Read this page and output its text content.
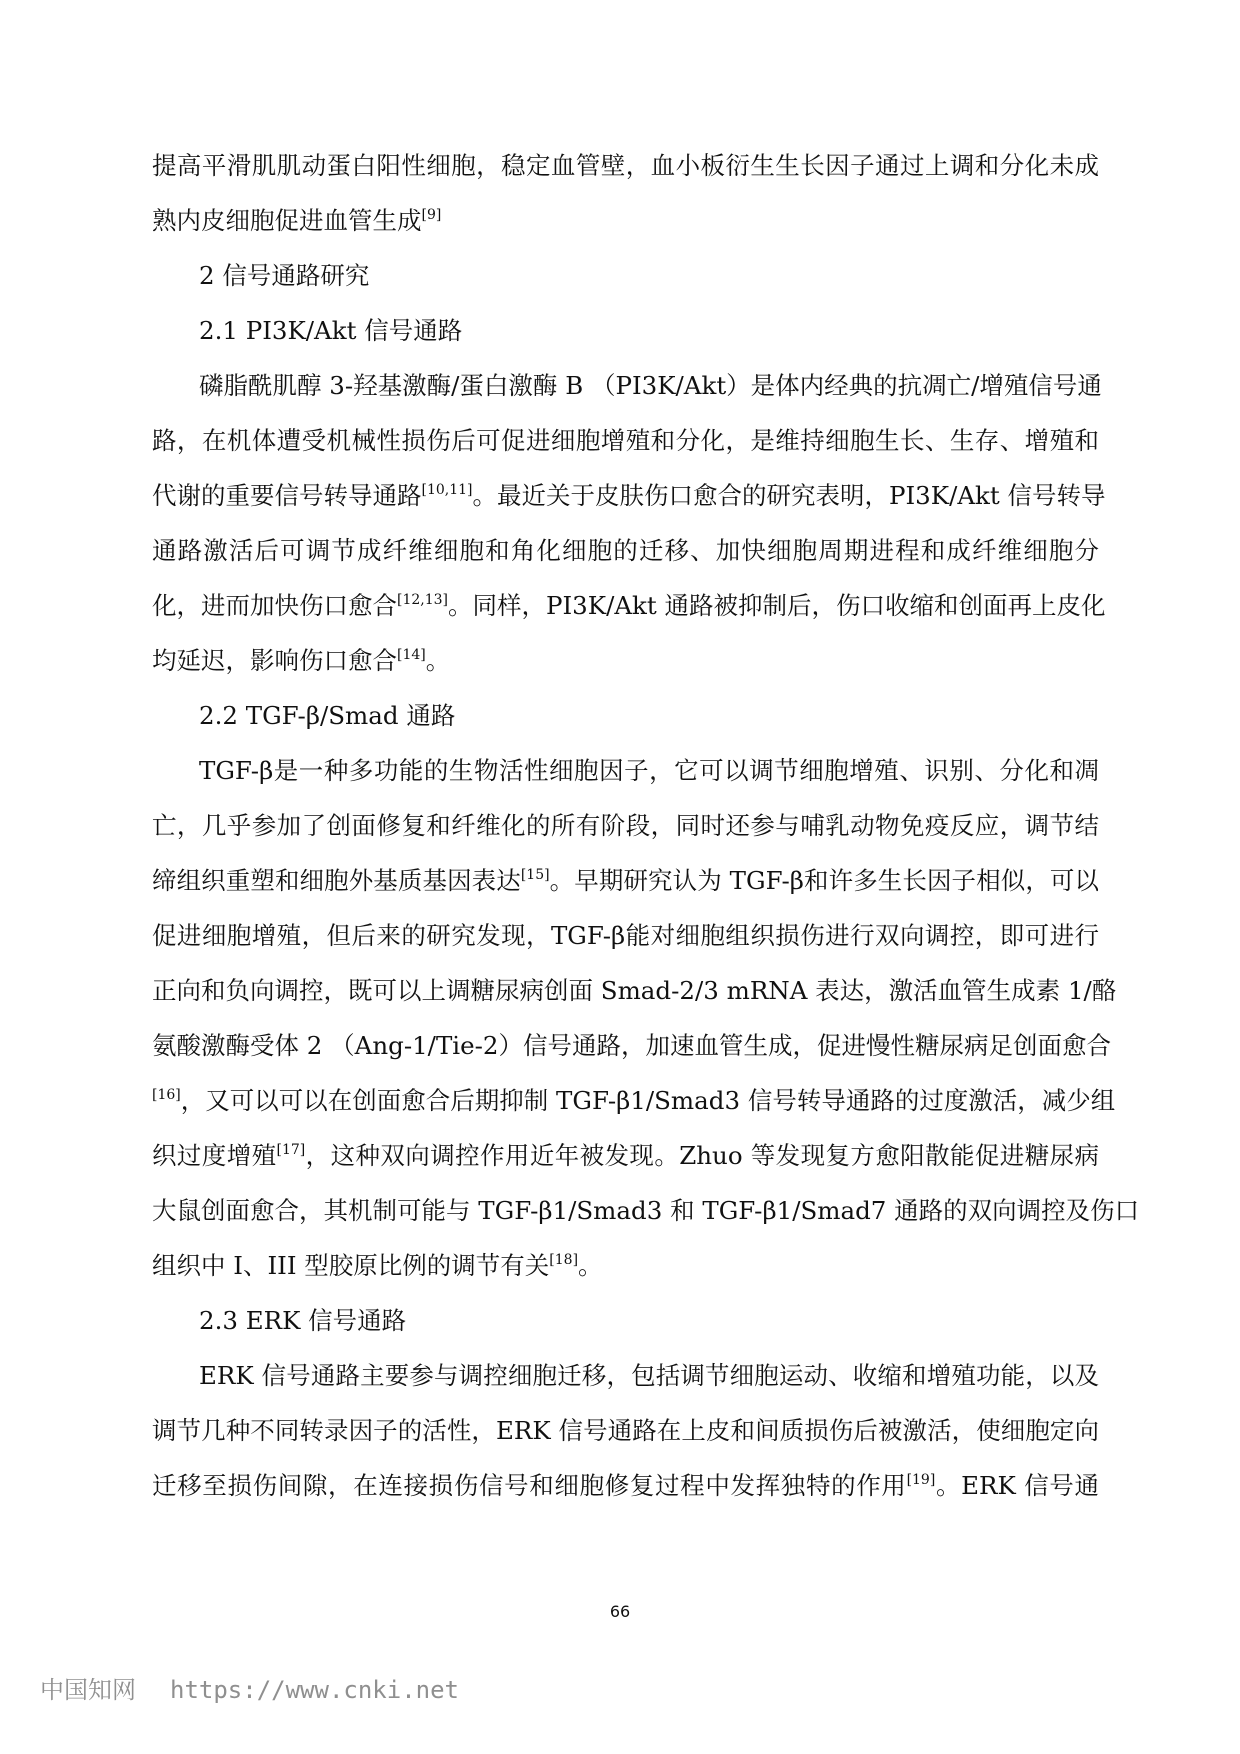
提高平滑肌肌动蛋白阳性细胞，稳定血管壁，血小板衍生生长因子通过上调和分化未成
熟内皮细胞促进血管生成[9]
2 信号通路研究
2.1 PI3K/Akt 信号通路
磷脂酰肌醇 3-羟基激酶/蛋白激酶 B （PI3K/Akt）是体内经典的抗凋亡/增殖信号通
路，在机体遭受机械性损伤后可促进细胞增殖和分化，是维持细胞生长、生存、增殖和
代谢的重要信号转导通路[10,11]。最近关于皮肤伤口愈合的研究表明，PI3K/Akt 信号转导
通路激活后可调节成纤维细胞和角化细胞的迁移、加快细胞周期进程和成纤维细胞分
化，进而加快伤口愈合[12,13]。同样，PI3K/Akt 通路被抑制后，伤口收缩和创面再上皮化
均延迟，影响伤口愈合[14]。
2.2 TGF-β/Smad 通路
TGF-β是一种多功能的生物活性细胞因子，它可以调节细胞增殖、识别、分化和凋
亡，几乎参加了创面修复和纤维化的所有阶段，同时还参与哺乳动物免疫反应，调节结
缔组织重塑和细胞外基质基因表达[15]。早期研究认为 TGF-β和许多生长因子相似，可以
促进细胞增殖，但后来的研究发现，TGF-β能对细胞组织损伤进行双向调控，即可进行
正向和负向调控，既可以上调糖尿病创面 Smad-2/3 mRNA 表达，激活血管生成素 1/酪
氨酸激酶受体 2 （Ang-1/Tie-2）信号通路，加速血管生成，促进慢性糖尿病足创面愈合
[16]，又可以可以在创面愈合后期抑制 TGF-β1/Smad3 信号转导通路的过度激活，减少组
织过度增殖[17]，这种双向调控作用近年被发现。Zhuo 等发现复方愈阳散能促进糖尿病
大鼠创面愈合，其机制可能与 TGF-β1/Smad3 和 TGF-β1/Smad7 通路的双向调控及伤口
组织中 I、III 型胶原比例的调节有关[18]。
2.3 ERK 信号通路
ERK 信号通路主要参与调控细胞迁移，包括调节细胞运动、收缩和增殖功能，以及
调节几种不同转录因子的活性，ERK 信号通路在上皮和间质损伤后被激活，使细胞定向
迁移至损伤间隙，在连接损伤信号和细胞修复过程中发挥独特的作用[19]。ERK 信号通
66
中国知网 https://www.cnki.net
